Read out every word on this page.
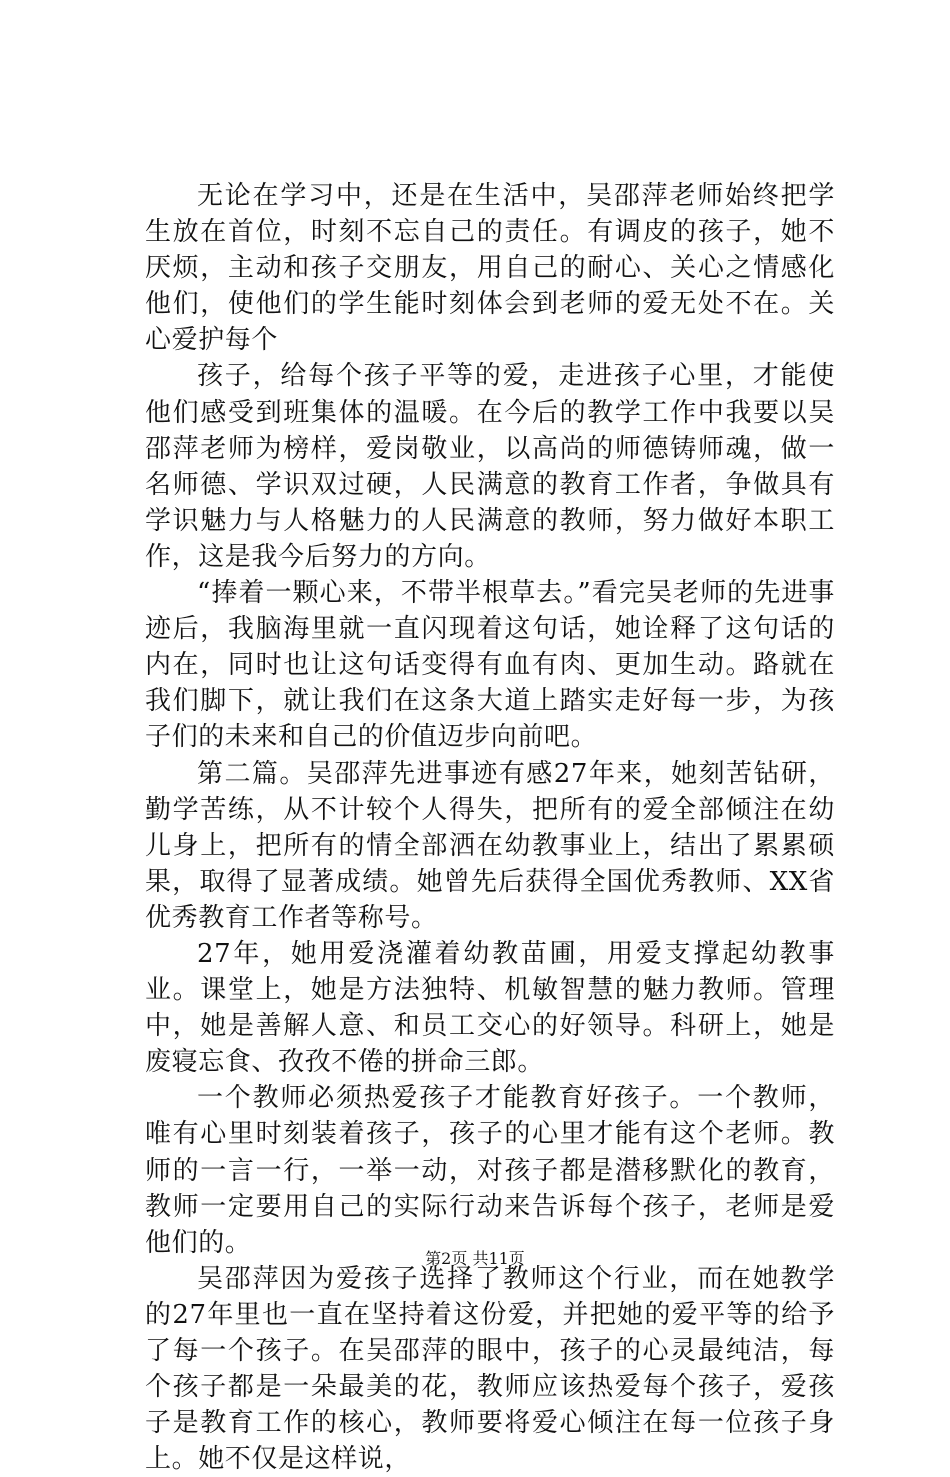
无论在学习中，还是在生活中，吴邵萍老师始终把学生放在首位，时刻不忘自己的责任。有调皮的孩子，她不厌烦，主动和孩子交朋友，用自己的耐心、关心之情感化他们，使他们的学生能时刻体会到老师的爱无处不在。关心爱护每个

孩子，给每个孩子平等的爱，走进孩子心里，才能使他们感受到班集体的温暖。在今后的教学工作中我要以吴邵萍老师为榜样，爱岗敬业，以高尚的师德铸师魂，做一名师德、学识双过硬，人民满意的教育工作者，争做具有学识魅力与人格魅力的人民满意的教师，努力做好本职工作，这是我今后努力的方向。

“捧着一颗心来，不带半根草去。”看完吴老师的先进事迹后，我脑海里就一直闪现着这句话，她诠释了这句话的内在，同时也让这句话变得有血有肉、更加生动。路就在我们脚下，就让我们在这条大道上踏实走好每一步，为孩子们的未来和自己的价值迈步向前吧。

第二篇。吴邵萍先进事迹有感27年来，她刻苦钻研，勤学苦练，从不计较个人得失，把所有的爱全部倾注在幼儿身上，把所有的情全部洒在幼教事业上，结出了累累硕果，取得了显著成绩。她曾先后获得全国优秀教师、XX省优秀教育工作者等称号。

27年，她用爱浇灌着幼教苗圃，用爱支撑起幼教事业。课堂上，她是方法独特、机敏智慧的魅力教师。管理中，她是善解人意、和员工交心的好领导。科研上，她是废寝忘食、孜孜不倦的拼命三郎。

一个教师必须热爱孩子才能教育好孩子。一个教师，唯有心里时刻装着孩子，孩子的心里才能有这个老师。教师的一言一行，一举一动，对孩子都是潜移默化的教育，教师一定要用自己的实际行动来告诉每个孩子，老师是爱他们的。

吴邵萍因为爱孩子选择了教师这个行业，而在她教学的27年里也一直在坚持着这份爱，并把她的爱平等的给予了每一个孩子。在吴邵萍的眼中，孩子的心灵最纯洁，每个孩子都是一朵最美的花，教师应该热爱每个孩子，爱孩子是教育工作的核心，教师要将爱心倾注在每一位孩子身上。她不仅是这样说，

第2页 共11页
